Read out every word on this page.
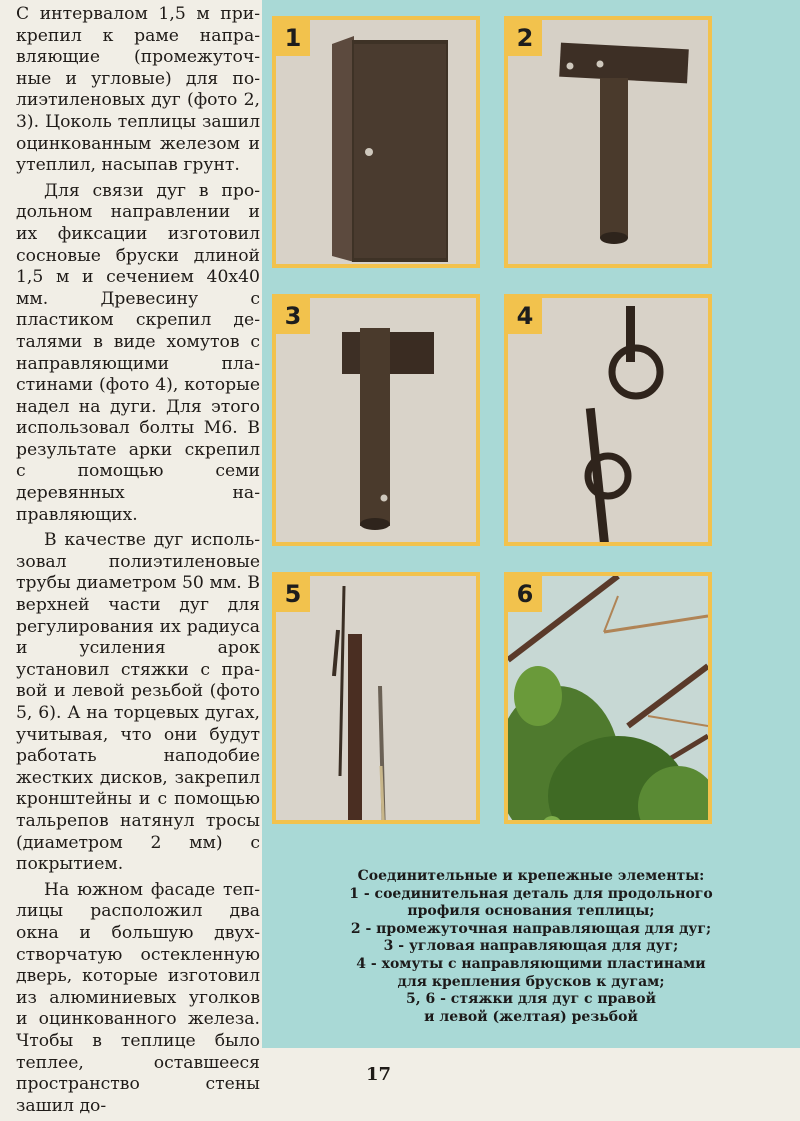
С интервалом 1,5 м прикрепил к раме направляющие (промежуточные и угловые) для полиэтиленовых дуг (фото 2, 3). Цоколь теплицы зашил оцинкованным железом и утеплил, насыпав грунт.

Для связи дуг в продольном направлении и их фиксации изготовил сосновые бруски длиной 1,5 м и сечением 40х40 мм. Древесину с пластиком скрепил деталями в виде хомутов с направляющими пластинами (фото 4), которые надел на дуги. Для этого использовал болты М6. В результате арки скрепил с помощью семи деревянных направляющих.

В качестве дуг использовал полиэтиленовые трубы диаметром 50 мм. В верхней части дуг для регулирования их радиуса и усиления арок установил стяжки с правой и левой резьбой (фото 5, 6). А на торцевых дугах, учитывая, что они будут работать наподобие жестких дисков, закрепил кронштейны и с помощью тальрепов натянул тросы (диаметром 2 мм) с покрытием.

На южном фасаде теплицы расположил два окна и большую двухстворчатую остекленную дверь, которые изготовил из алюминиевых уголков и оцинкованного железа. Чтобы в теплице было теплее, оставшееся пространство стены зашил до-

1	2
3	4
5	6
Соединительные и крепежные элементы:
1 - соединительная деталь для продольного
профиля основания теплицы;
2 - промежуточная направляющая для дуг;
3 - угловая направляющая для дуг;
4 - хомуты с направляющими пластинами
для крепления брусков к дугам;
5, 6 - стяжки для дуг с правой
и левой (желтая) резьбой
17
